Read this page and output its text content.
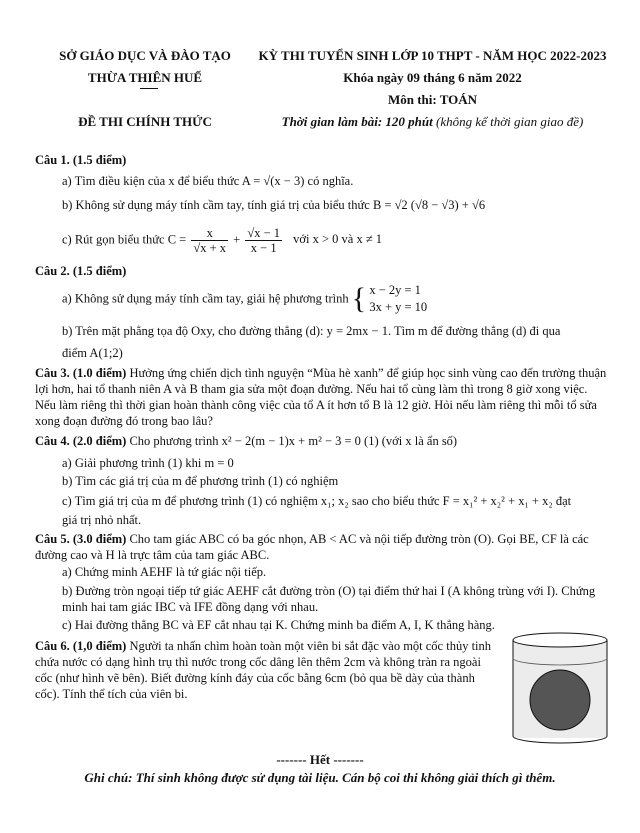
SỞ GIÁO DỤC VÀ ĐÀO TẠO
THỪA THIÊN HUẾ
ĐỀ THI CHÍNH THỨC
KỲ THI TUYỂN SINH LỚP 10 THPT - NĂM HỌC 2022-2023
Khóa ngày 09 tháng 6 năm 2022
Môn thi: TOÁN
Thời gian làm bài: 120 phút (không kể thời gian giao đề)
Câu 1. (1.5 điểm)
a) Tìm điều kiện của x để biểu thức A = √(x − 3) có nghĩa.
b) Không sử dụng máy tính cầm tay, tính giá trị của biểu thức B = √2 (√8 − √3) + √6
c) Rút gọn biểu thức $C = \frac{x}{√x + x} + \frac{√x - 1}{x - 1}$ với x > 0 và x ≠ 1
Câu 2. (1.5 điểm)
a) Không sử dụng máy tính cầm tay, giải hệ phương trình { x − 2y = 1
3x + y = 10
b) Trên mặt phẳng tọa độ Oxy, cho đường thẳng (d): y = 2mx − 1. Tìm m để đường thẳng (d) đi qua
điểm A(1;2)
Câu 3. (1.0 điểm) Hưởng ứng chiến dịch tình nguyện “Mùa hè xanh” để giúp học sinh vùng cao đến trường thuận lợi hơn, hai tổ thanh niên A và B tham gia sửa một đoạn đường. Nếu hai tổ cùng làm thì trong 8 giờ xong việc. Nếu làm riêng thì thời gian hoàn thành công việc của tổ A ít hơn tổ B là 12 giờ. Hỏi nếu làm riêng thì mỗi tổ sửa xong đoạn đường đó trong bao lâu?
Câu 4. (2.0 điểm) Cho phương trình x² − 2(m − 1)x + m² − 3 = 0 (1) (với x là ẩn số)
a) Giải phương trình (1) khi m = 0
b) Tìm các giá trị của m để phương trình (1) có nghiệm
c) Tìm giá trị của m để phương trình (1) có nghiệm x₁; x₂ sao cho biểu thức F = x₁² + x₂² + x₁ + x₂ đạt
giá trị nhỏ nhất.
Câu 5. (3.0 điểm) Cho tam giác ABC có ba góc nhọn, AB < AC và nội tiếp đường tròn (O). Gọi BE, CF là các đường cao và H là trực tâm của tam giác ABC.
a) Chứng minh AEHF là tứ giác nội tiếp.
b) Đường tròn ngoại tiếp tứ giác AEHF cắt đường tròn (O) tại điểm thứ hai I (A không trùng với I). Chứng minh hai tam giác IBC và IFE đồng dạng với nhau.
c) Hai đường thẳng BC và EF cắt nhau tại K. Chứng minh ba điểm A, I, K thẳng hàng.
Câu 6. (1,0 điểm) Người ta nhấn chìm hoàn toàn một viên bi sắt đặc vào một cốc thủy tinh chứa nước có dạng hình trụ thì nước trong cốc dâng lên thêm 2cm và không tràn ra ngoài cốc (như hình vẽ bên). Biết đường kính đáy của cốc bằng 6cm (bỏ qua bề dày của thành cốc). Tính thể tích của viên bi.
------- Hết -------
Ghi chú: Thí sinh không được sử dụng tài liệu. Cán bộ coi thi không giải thích gì thêm.
